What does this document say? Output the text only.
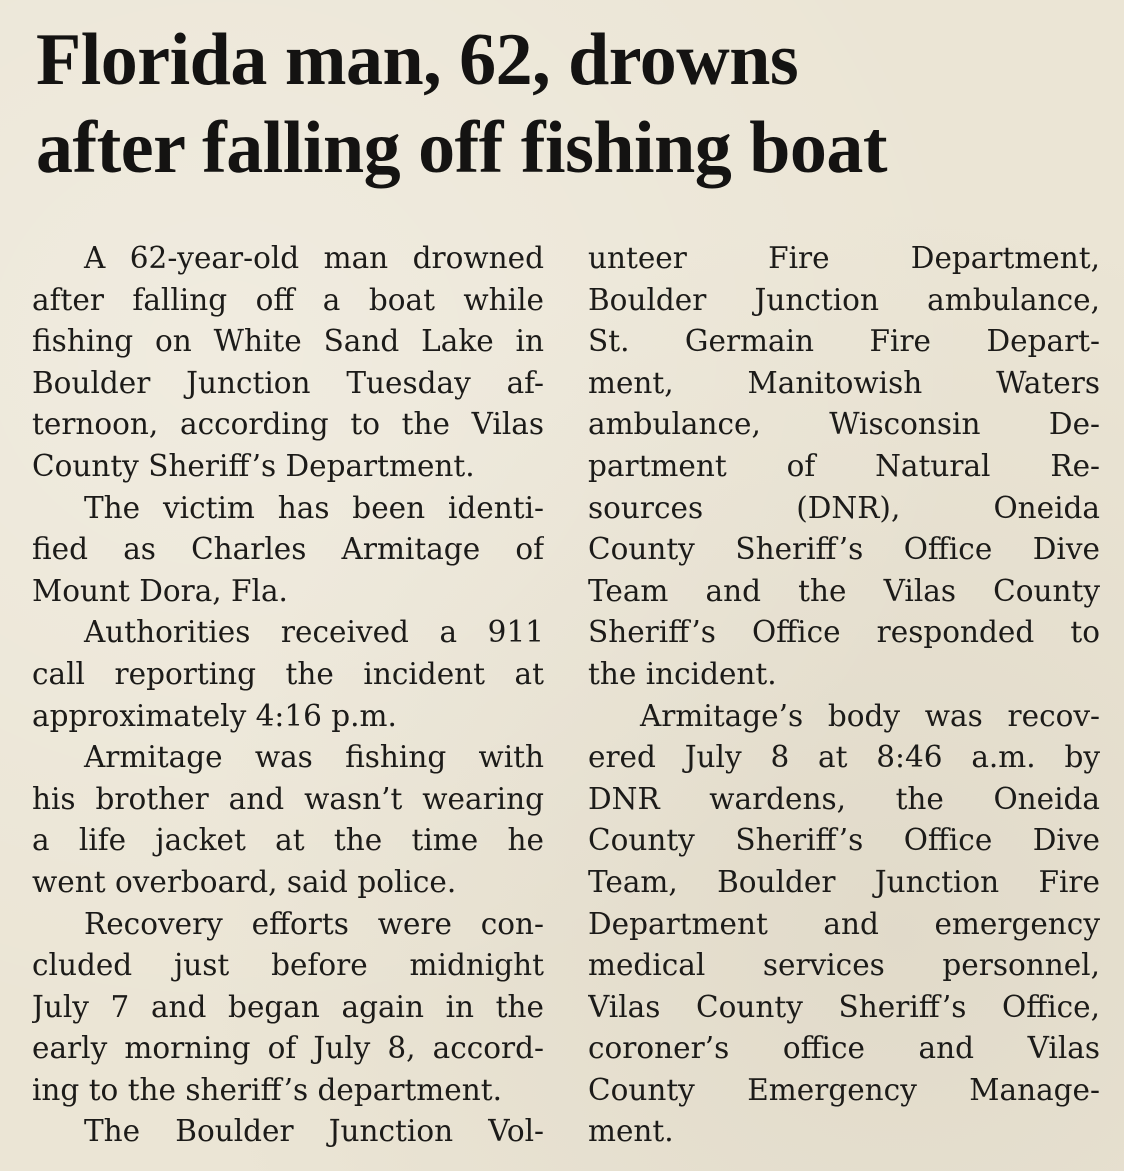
Florida man, 62, drowns
after falling off fishing boat
A 62-year-old man drowned
after falling off a boat while
fishing on White Sand Lake in
Boulder Junction Tuesday af-
ternoon, according to the Vilas
County Sheriff’s Department.
The victim has been identi-
fied as Charles Armitage of
Mount Dora, Fla.
Authorities received a 911
call reporting the incident at
approximately 4:16 p.m.
Armitage was fishing with
his brother and wasn’t wearing
a life jacket at the time he
went overboard, said police.
Recovery efforts were con-
cluded just before midnight
July 7 and began again in the
early morning of July 8, accord-
ing to the sheriff’s department.
The Boulder Junction Vol-
unteer Fire Department,
Boulder Junction ambulance,
St. Germain Fire Depart-
ment, Manitowish Waters
ambulance, Wisconsin De-
partment of Natural Re-
sources (DNR), Oneida
County Sheriff’s Office Dive
Team and the Vilas County
Sheriff’s Office responded to
the incident.
Armitage’s body was recov-
ered July 8 at 8:46 a.m. by
DNR wardens, the Oneida
County Sheriff’s Office Dive
Team, Boulder Junction Fire
Department and emergency
medical services personnel,
Vilas County Sheriff’s Office,
coroner’s office and Vilas
County Emergency Manage-
ment.
